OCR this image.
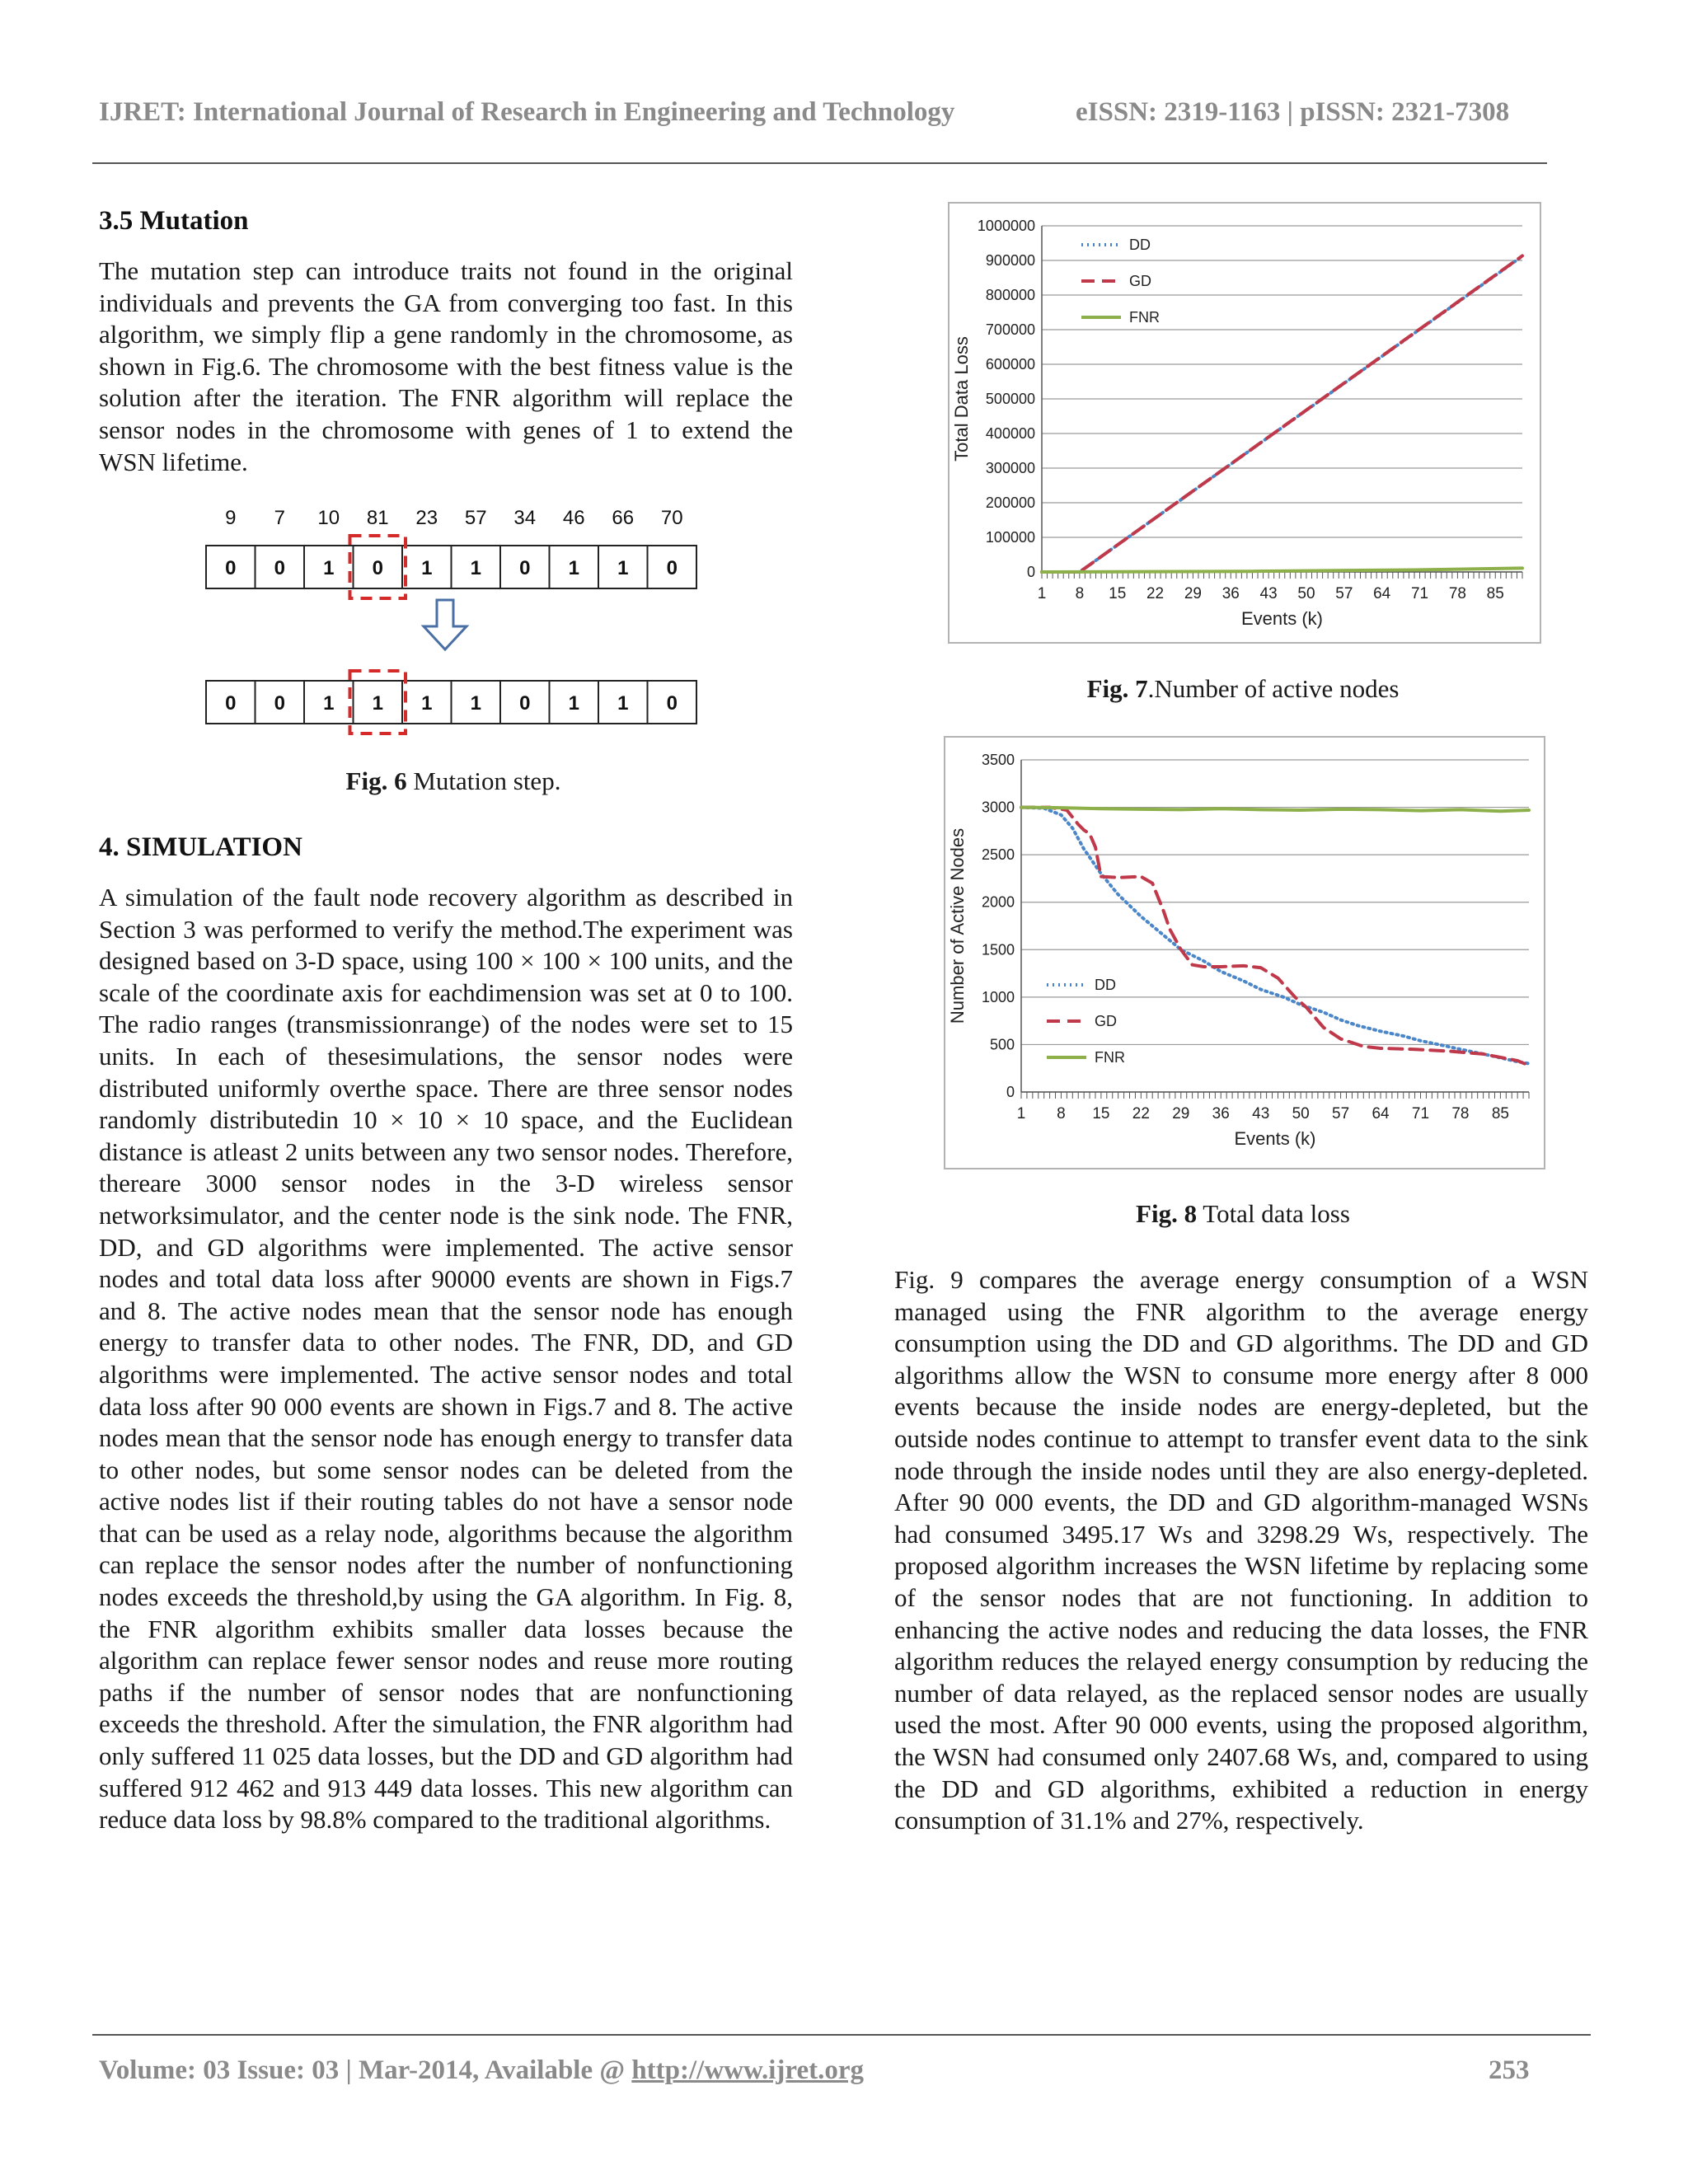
IJRET: International Journal of Research in Engineering and Technology	eISSN: 2319-1163 | pISSN: 2321-7308
3.5 Mutation
The mutation step can introduce traits not found in the original individuals and prevents the GA from converging too fast. In this algorithm, we simply flip a gene randomly in the chromosome, as shown in Fig.6. The chromosome with the best fitness value is the solution after the iteration. The FNR algorithm will replace the sensor nodes in the chromosome with genes of 1 to extend the WSN lifetime.
9 7 10 81 23 57 34 46 66 70
0 0 1 0 1 1 0 1 1 0
0 0 1 1 1 1 0 1 1 0
Fig. 6 Mutation step.
4. SIMULATION
A simulation of the fault node recovery algorithm as described in Section 3 was performed to verify the method.The experiment was designed based on 3-D space, using 100 × 100 × 100 units, and the scale of the coordinate axis for eachdimension was set at 0 to 100. The radio ranges (transmissionrange) of the nodes were set to 15 units. In each of thesesimulations, the sensor nodes were distributed uniformly overthe space. There are three sensor nodes randomly distributedin 10 × 10 × 10 space, and the Euclidean distance is atleast 2 units between any two sensor nodes. Therefore, thereare 3000 sensor nodes in the 3-D wireless sensor networksimulator, and the center node is the sink node. The FNR, DD, and GD algorithms were implemented. The active sensor nodes and total data loss after 90000 events are shown in Figs.7 and 8. The active nodes mean that the sensor node has enough energy to transfer data to other nodes. The FNR, DD, and GD algorithms were implemented. The active sensor nodes and total data loss after 90 000 events are shown in Figs.7 and 8. The active nodes mean that the sensor node has enough energy to transfer data to other nodes, but some sensor nodes can be deleted from the active nodes list if their routing tables do not have a sensor node that can be used as a relay node, algorithms because the algorithm can replace the sensor nodes after the number of nonfunctioning nodes exceeds the threshold,by using the GA algorithm. In Fig. 8, the FNR algorithm exhibits smaller data losses because the algorithm can replace fewer sensor nodes and reuse more routing paths if the number of sensor nodes that are nonfunctioning exceeds the threshold. After the simulation, the FNR algorithm had only suffered 11 025 data losses, but the DD and GD algorithm had suffered 912 462 and 913 449 data losses. This new algorithm can reduce data loss by 98.8% compared to the traditional algorithms.
0
100000
200000
300000
400000
500000
600000
700000
800000
900000
1000000
1 8 15 22 29 36 43 50 57 64 71 78 85
Events (k)
Total Data Loss
DD
GD
FNR
Fig. 7.Number of active nodes
0
500
1000
1500
2000
2500
3000
3500
1 8 15 22 29 36 43 50 57 64 71 78 85
Events (k)
Number of Active Nodes	DD
GD
FNR
Fig. 8 Total data loss
Fig. 9 compares the average energy consumption of a WSN managed using the FNR algorithm to the average energy consumption using the DD and GD algorithms. The DD and GD algorithms allow the WSN to consume more energy after 8 000 events because the inside nodes are energy-depleted, but the outside nodes continue to attempt to transfer event data to the sink node through the inside nodes until they are also energy-depleted. After 90 000 events, the DD and GD algorithm-managed WSNs had consumed 3495.17 Ws and 3298.29 Ws, respectively. The proposed algorithm increases the WSN lifetime by replacing some of the sensor nodes that are not functioning. In addition to enhancing the active nodes and reducing the data losses, the FNR algorithm reduces the relayed energy consumption by reducing the number of data relayed, as the replaced sensor nodes are usually used the most. After 90 000 events, using the proposed algorithm, the WSN had consumed only 2407.68 Ws, and, compared to using the DD and GD algorithms, exhibited a reduction in energy consumption of 31.1% and 27%, respectively.
Volume: 03 Issue: 03 | Mar-2014, Available @ http://www.ijret.org	253
